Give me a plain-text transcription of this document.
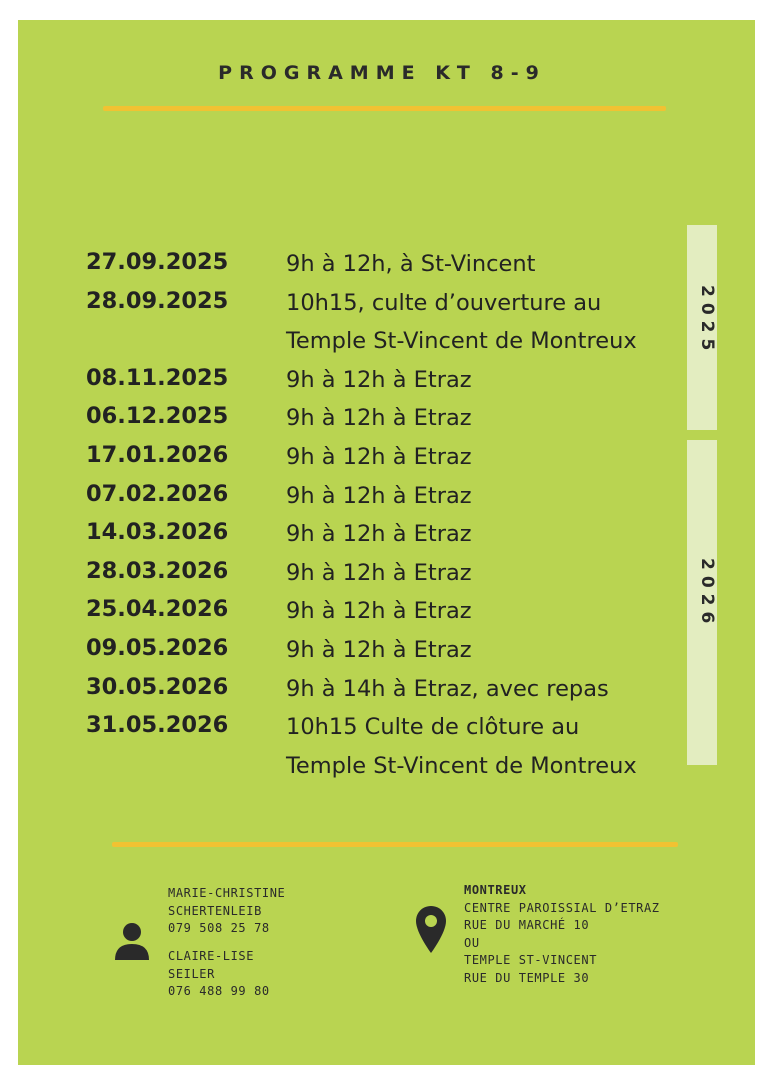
PROGRAMME KT 8-9
2025
2026
27.09.2025	9h à 12h, à St-Vincent
28.09.2025	10h15, culte d’ouverture au
Temple St-Vincent de Montreux
08.11.2025	9h à 12h à Etraz
06.12.2025	9h à 12h à Etraz
17.01.2026	9h à 12h à Etraz
07.02.2026	9h à 12h à Etraz
14.03.2026	9h à 12h à Etraz
28.03.2026	9h à 12h à Etraz
25.04.2026	9h à 12h à Etraz
09.05.2026	9h à 12h à Etraz
30.05.2026	9h à 14h à Etraz, avec repas
31.05.2026	10h15 Culte de clôture au
Temple St-Vincent de Montreux
MARIE-CHRISTINE
SCHERTENLEIB
079 508 25 78
CLAIRE-LISE
SEILER
076 488 99 80
MONTREUX
CENTRE PAROISSIAL D’ETRAZ
RUE DU MARCHÉ 10
OU
TEMPLE ST-VINCENT
RUE DU TEMPLE 30
